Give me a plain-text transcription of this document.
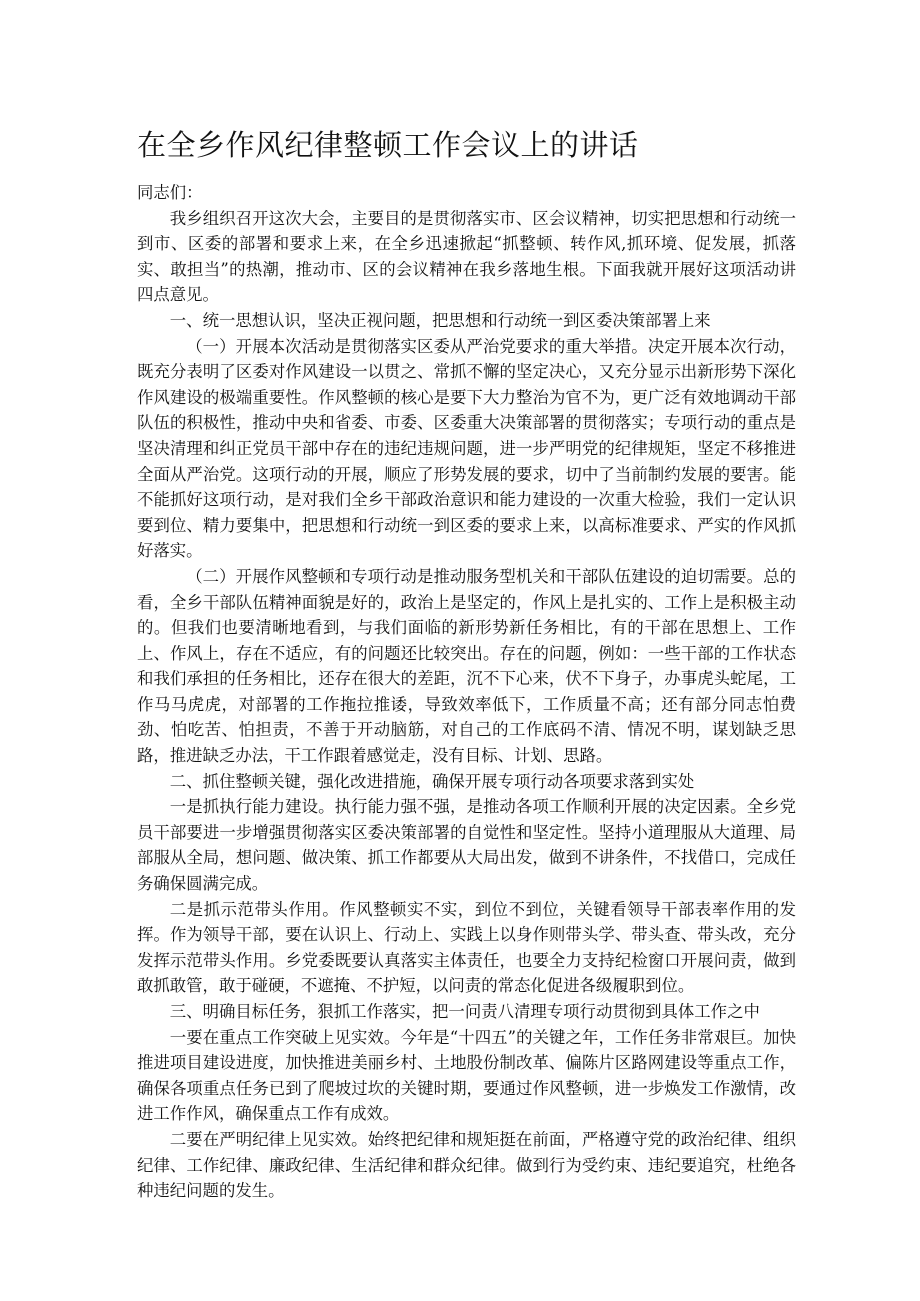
在全乡作风纪律整顿工作会议上的讲话

同志们：

我乡组织召开这次大会，主要目的是贯彻落实市、区会议精神，切实把思想和行动统一到市、区委的部署和要求上来，在全乡迅速掀起“抓整顿、转作风,抓环境、促发展，抓落实、敢担当”的热潮，推动市、区的会议精神在我乡落地生根。下面我就开展好这项活动讲四点意见。

一、统一思想认识，坚决正视问题，把思想和行动统一到区委决策部署上来

（一）开展本次活动是贯彻落实区委从严治党要求的重大举措。决定开展本次行动，既充分表明了区委对作风建设一以贯之、常抓不懈的坚定决心，又充分显示出新形势下深化作风建设的极端重要性。作风整顿的核心是要下大力整治为官不为，更广泛有效地调动干部队伍的积极性，推动中央和省委、市委、区委重大决策部署的贯彻落实；专项行动的重点是坚决清理和纠正党员干部中存在的违纪违规问题，进一步严明党的纪律规矩，坚定不移推进全面从严治党。这项行动的开展，顺应了形势发展的要求，切中了当前制约发展的要害。能不能抓好这项行动，是对我们全乡干部政治意识和能力建设的一次重大检验，我们一定认识要到位、精力要集中，把思想和行动统一到区委的要求上来，以高标准要求、严实的作风抓好落实。

（二）开展作风整顿和专项行动是推动服务型机关和干部队伍建设的迫切需要。总的看，全乡干部队伍精神面貌是好的，政治上是坚定的，作风上是扎实的、工作上是积极主动的。但我们也要清晰地看到，与我们面临的新形势新任务相比，有的干部在思想上、工作上、作风上，存在不适应，有的问题还比较突出。存在的问题，例如：一些干部的工作状态和我们承担的任务相比，还存在很大的差距，沉不下心来，伏不下身子，办事虎头蛇尾，工作马马虎虎，对部署的工作拖拉推诿，导致效率低下，工作质量不高；还有部分同志怕费劲、怕吃苦、怕担责，不善于开动脑筋，对自己的工作底码不清、情况不明，谋划缺乏思路，推进缺乏办法，干工作跟着感觉走，没有目标、计划、思路。

二、抓住整顿关键，强化改进措施，确保开展专项行动各项要求落到实处

一是抓执行能力建设。执行能力强不强，是推动各项工作顺利开展的决定因素。全乡党员干部要进一步增强贯彻落实区委决策部署的自觉性和坚定性。坚持小道理服从大道理、局部服从全局，想问题、做决策、抓工作都要从大局出发，做到不讲条件，不找借口，完成任务确保圆满完成。

二是抓示范带头作用。作风整顿实不实，到位不到位，关键看领导干部表率作用的发挥。作为领导干部，要在认识上、行动上、实践上以身作则带头学、带头查、带头改，充分发挥示范带头作用。乡党委既要认真落实主体责任，也要全力支持纪检窗口开展问责，做到敢抓敢管，敢于碰硬，不遮掩、不护短，以问责的常态化促进各级履职到位。

三、明确目标任务，狠抓工作落实，把一问责八清理专项行动贯彻到具体工作之中

一要在重点工作突破上见实效。今年是“十四五”的关键之年，工作任务非常艰巨。加快推进项目建设进度，加快推进美丽乡村、土地股份制改革、偏陈片区路网建设等重点工作，确保各项重点任务已到了爬坡过坎的关键时期，要通过作风整顿，进一步焕发工作激情，改进工作作风，确保重点工作有成效。

二要在严明纪律上见实效。始终把纪律和规矩挺在前面，严格遵守党的政治纪律、组织纪律、工作纪律、廉政纪律、生活纪律和群众纪律。做到行为受约束、违纪要追究，杜绝各种违纪问题的发生。
